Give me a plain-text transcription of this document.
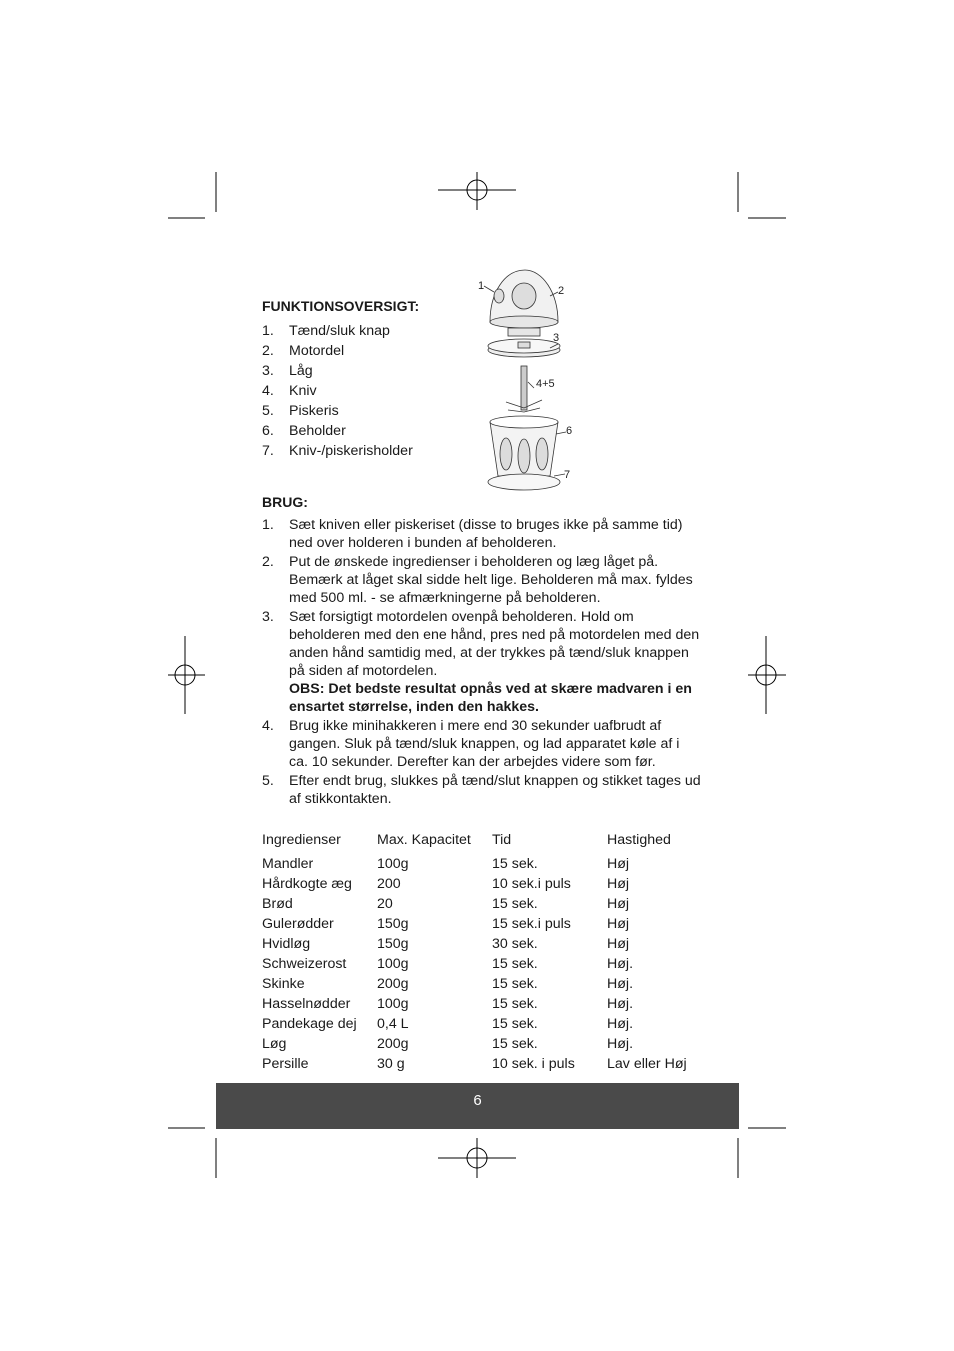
FUNKTIONSOVERSIGT:
1. Tænd/sluk knap
2. Motordel
3. Låg
4. Kniv
5. Piskeris
6. Beholder
7. Kniv-/piskerisholder
1	2
3
4+5
6
7
BRUG:
1.	Sæt kniven eller piskeriset (disse to bruges ikke på samme tid) ned over holderen i bunden af beholderen.
2.	Put de ønskede ingredienser i beholderen og læg låget på. Bemærk at låget skal sidde helt lige. Beholderen må max. fyldes med 500 ml. - se afmærkningerne på beholderen.
3.	Sæt forsigtigt motordelen ovenpå beholderen. Hold om beholderen med den ene hånd, pres ned på motordelen med den anden hånd samtidig med, at der trykkes på tænd/sluk knappen på siden af motordelen.
OBS: Det bedste resultat opnås ved at skære madvaren i en ensartet størrelse, inden den hakkes.
4.	Brug ikke minihakkeren i mere end 30 sekunder uafbrudt af gangen. Sluk på tænd/sluk knappen, og lad apparatet køle af i ca. 10 sekunder. Derefter kan der arbejdes videre som før.
5.	Efter endt brug, slukkes på tænd/slut knappen og stikket tages ud af stikkontakten.
Ingredienser	Max. Kapacitet	Tid	Hastighed
Mandler	100g	15 sek.	Høj
Hårdkogte æg	200	10 sek.i puls	Høj
Brød	20	15 sek.	Høj
Gulerødder	150g	15 sek.i puls	Høj
Hvidløg	150g	30 sek.	Høj
Schweizerost	100g	15 sek.	Høj.
Skinke	200g	15 sek.	Høj.
Hasselnødder	100g	15 sek.	Høj.
Pandekage dej	0,4 L	15 sek.	Høj.
Løg	200g	15 sek.	Høj.
Persille	30 g	10 sek. i puls	Lav eller Høj
6
